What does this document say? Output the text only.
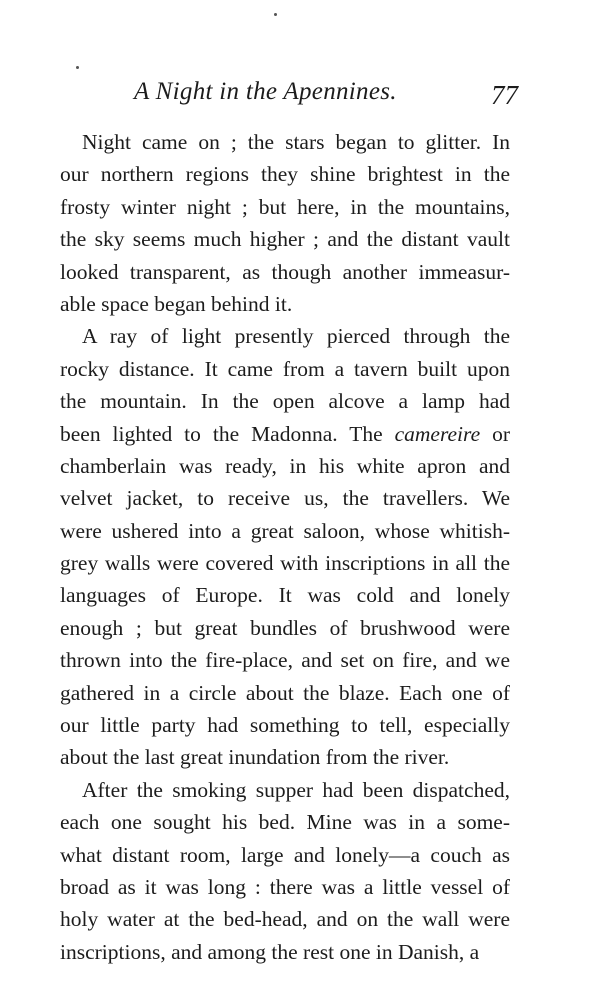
A Night in the Apennines.	77
Night came on ; the stars began to glitter. In
our northern regions they shine brightest in the
frosty winter night ; but here, in the mountains,
the sky seems much higher ; and the distant vault
looked transparent, as though another immeasur-
able space began behind it.
A ray of light presently pierced through the
rocky distance. It came from a tavern built upon
the mountain. In the open alcove a lamp had
been lighted to the Madonna. The camereire or
chamberlain was ready, in his white apron and
velvet jacket, to receive us, the travellers. We
were ushered into a great saloon, whose whitish-
grey walls were covered with inscriptions in all the
languages of Europe. It was cold and lonely
enough ; but great bundles of brushwood were
thrown into the fire-place, and set on fire, and we
gathered in a circle about the blaze. Each one of
our little party had something to tell, especially
about the last great inundation from the river.
After the smoking supper had been dispatched,
each one sought his bed. Mine was in a some-
what distant room, large and lonely—a couch as
broad as it was long : there was a little vessel of
holy water at the bed-head, and on the wall were
inscriptions, and among the rest one in Danish, a
